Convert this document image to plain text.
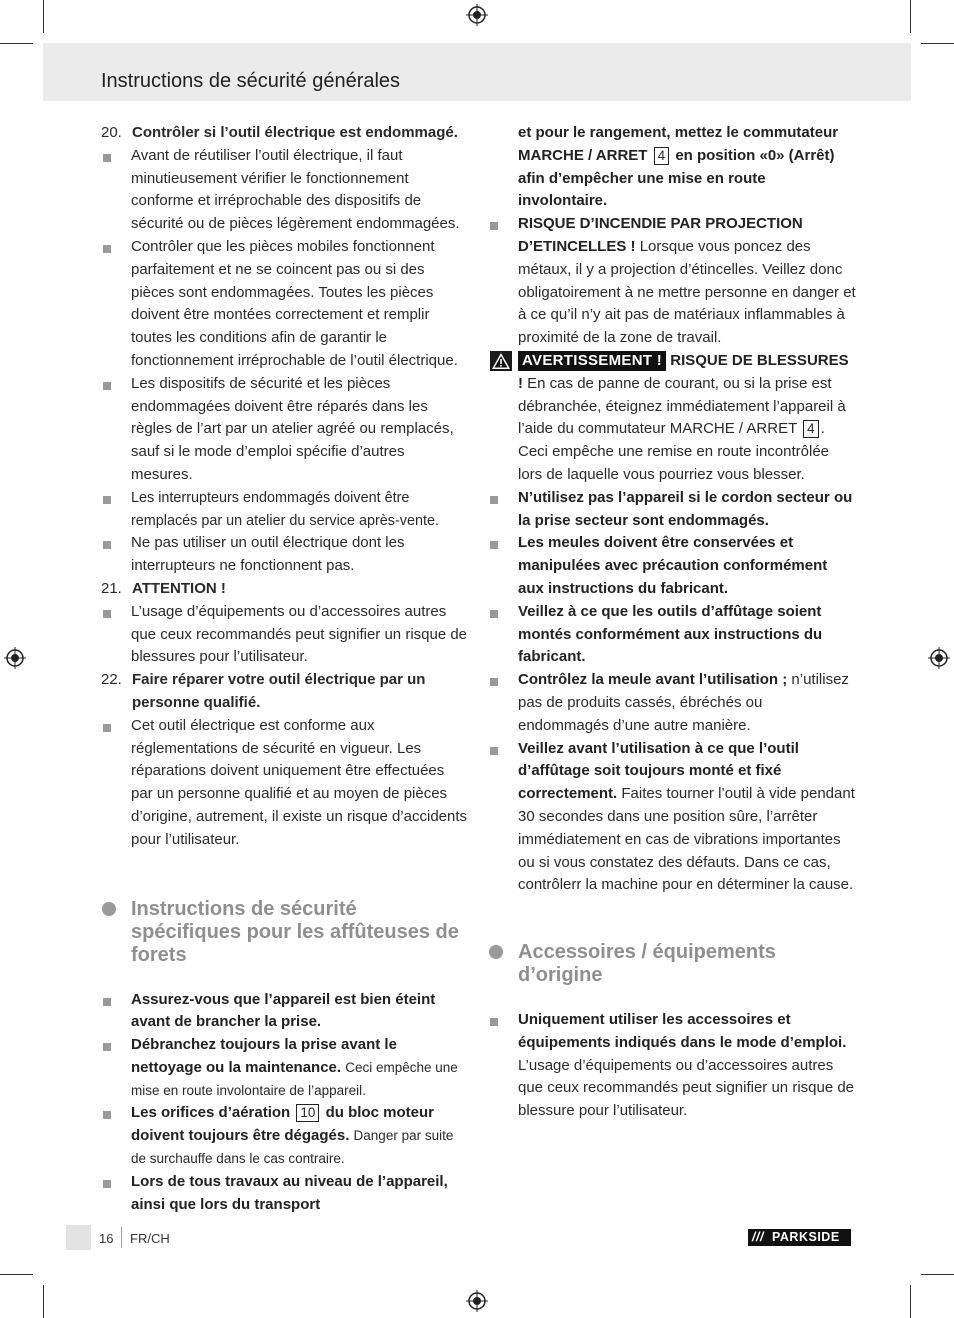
Instructions de sécurité générales
20. Contrôler si l’outil électrique est endommagé.
Avant de réutiliser l’outil électrique, il faut minutieusement vérifier le fonctionnement conforme et irréprochable des dispositifs de sécurité ou de pièces légèrement endommagées.
Contrôler que les pièces mobiles fonctionnent parfaitement et ne se coincent pas ou si des pièces sont endommagées. Toutes les pièces doivent être montées correctement et remplir toutes les conditions afin de garantir le fonctionnement irréprochable de l’outil électrique.
Les dispositifs de sécurité et les pièces endommagées doivent être réparés dans les règles de l’art par un atelier agréé ou remplacés, sauf si le mode d’emploi spécifie d’autres mesures.
Les interrupteurs endommagés doivent être remplacés par un atelier du service après-vente.
Ne pas utiliser un outil électrique dont les interrupteurs ne fonctionnent pas.
21. ATTENTION !
L’usage d’équipements ou d’accessoires autres que ceux recommandés peut signifier un risque de blessures pour l’utilisateur.
22. Faire réparer votre outil électrique par un personne qualifié.
Cet outil électrique est conforme aux réglementations de sécurité en vigueur. Les réparations doivent uniquement être effectuées par un personne qualifié et au moyen de pièces d’origine, autrement, il existe un risque d’accidents pour l’utilisateur.
Instructions de sécurité spécifiques pour les affûteuses de forets
Assurez-vous que l’appareil est bien éteint avant de brancher la prise.
Débranchez toujours la prise avant le nettoyage ou la maintenance. Ceci empêche une mise en route involontaire de l’appareil.
Les orifices d’aération 10 du bloc moteur doivent toujours être dégagés. Danger par suite de surchauffe dans le cas contraire.
Lors de tous travaux au niveau de l’appareil, ainsi que lors du transport
et pour le rangement, mettez le commutateur MARCHE / ARRET 4 en position «0» (Arrêt) afin d’empêcher une mise en route involontaire.
RISQUE D’INCENDIE PAR PROJECTION D’ETINCELLES ! Lorsque vous poncez des métaux, il y a projection d’étincelles. Veillez donc obligatoirement à ne mettre personne en danger et à ce qu’il n’y ait pas de matériaux inflammables à proximité de la zone de travail.
AVERTISSEMENT ! RISQUE DE BLESSURES ! En cas de panne de courant, ou si la prise est débranchée, éteignez immédiatement l’appareil à l’aide du commutateur MARCHE / ARRET 4 . Ceci empêche une remise en route incontrôlée lors de laquelle vous pourriez vous blesser.
N’utilisez pas l’appareil si le cordon secteur ou la prise secteur sont endommagés.
Les meules doivent être conservées et manipulées avec précaution conformément aux instructions du fabricant.
Veillez à ce que les outils d’affûtage soient montés conformément aux instructions du fabricant.
Contrôlez la meule avant l’utilisation ; n’utilisez pas de produits cassés, ébréchés ou endommagés d’une autre manière.
Veillez avant l’utilisation à ce que l’outil d’affûtage soit toujours monté et fixé correctement. Faites tourner l’outil à vide pendant 30 secondes dans une position sûre, l’arrêter immédiatement en cas de vibrations importantes ou si vous constatez des défauts. Dans ce cas, contrôlerr la machine pour en déterminer la cause.
Accessoires / équipements d’origine
Uniquement utiliser les accessoires et équipements indiqués dans le mode d’emploi. L’usage d’équipements ou d’accessoires autres que ceux recommandés peut signifier un risque de blessure pour l’utilisateur.
16 FR/CH	/// PARKSIDE
